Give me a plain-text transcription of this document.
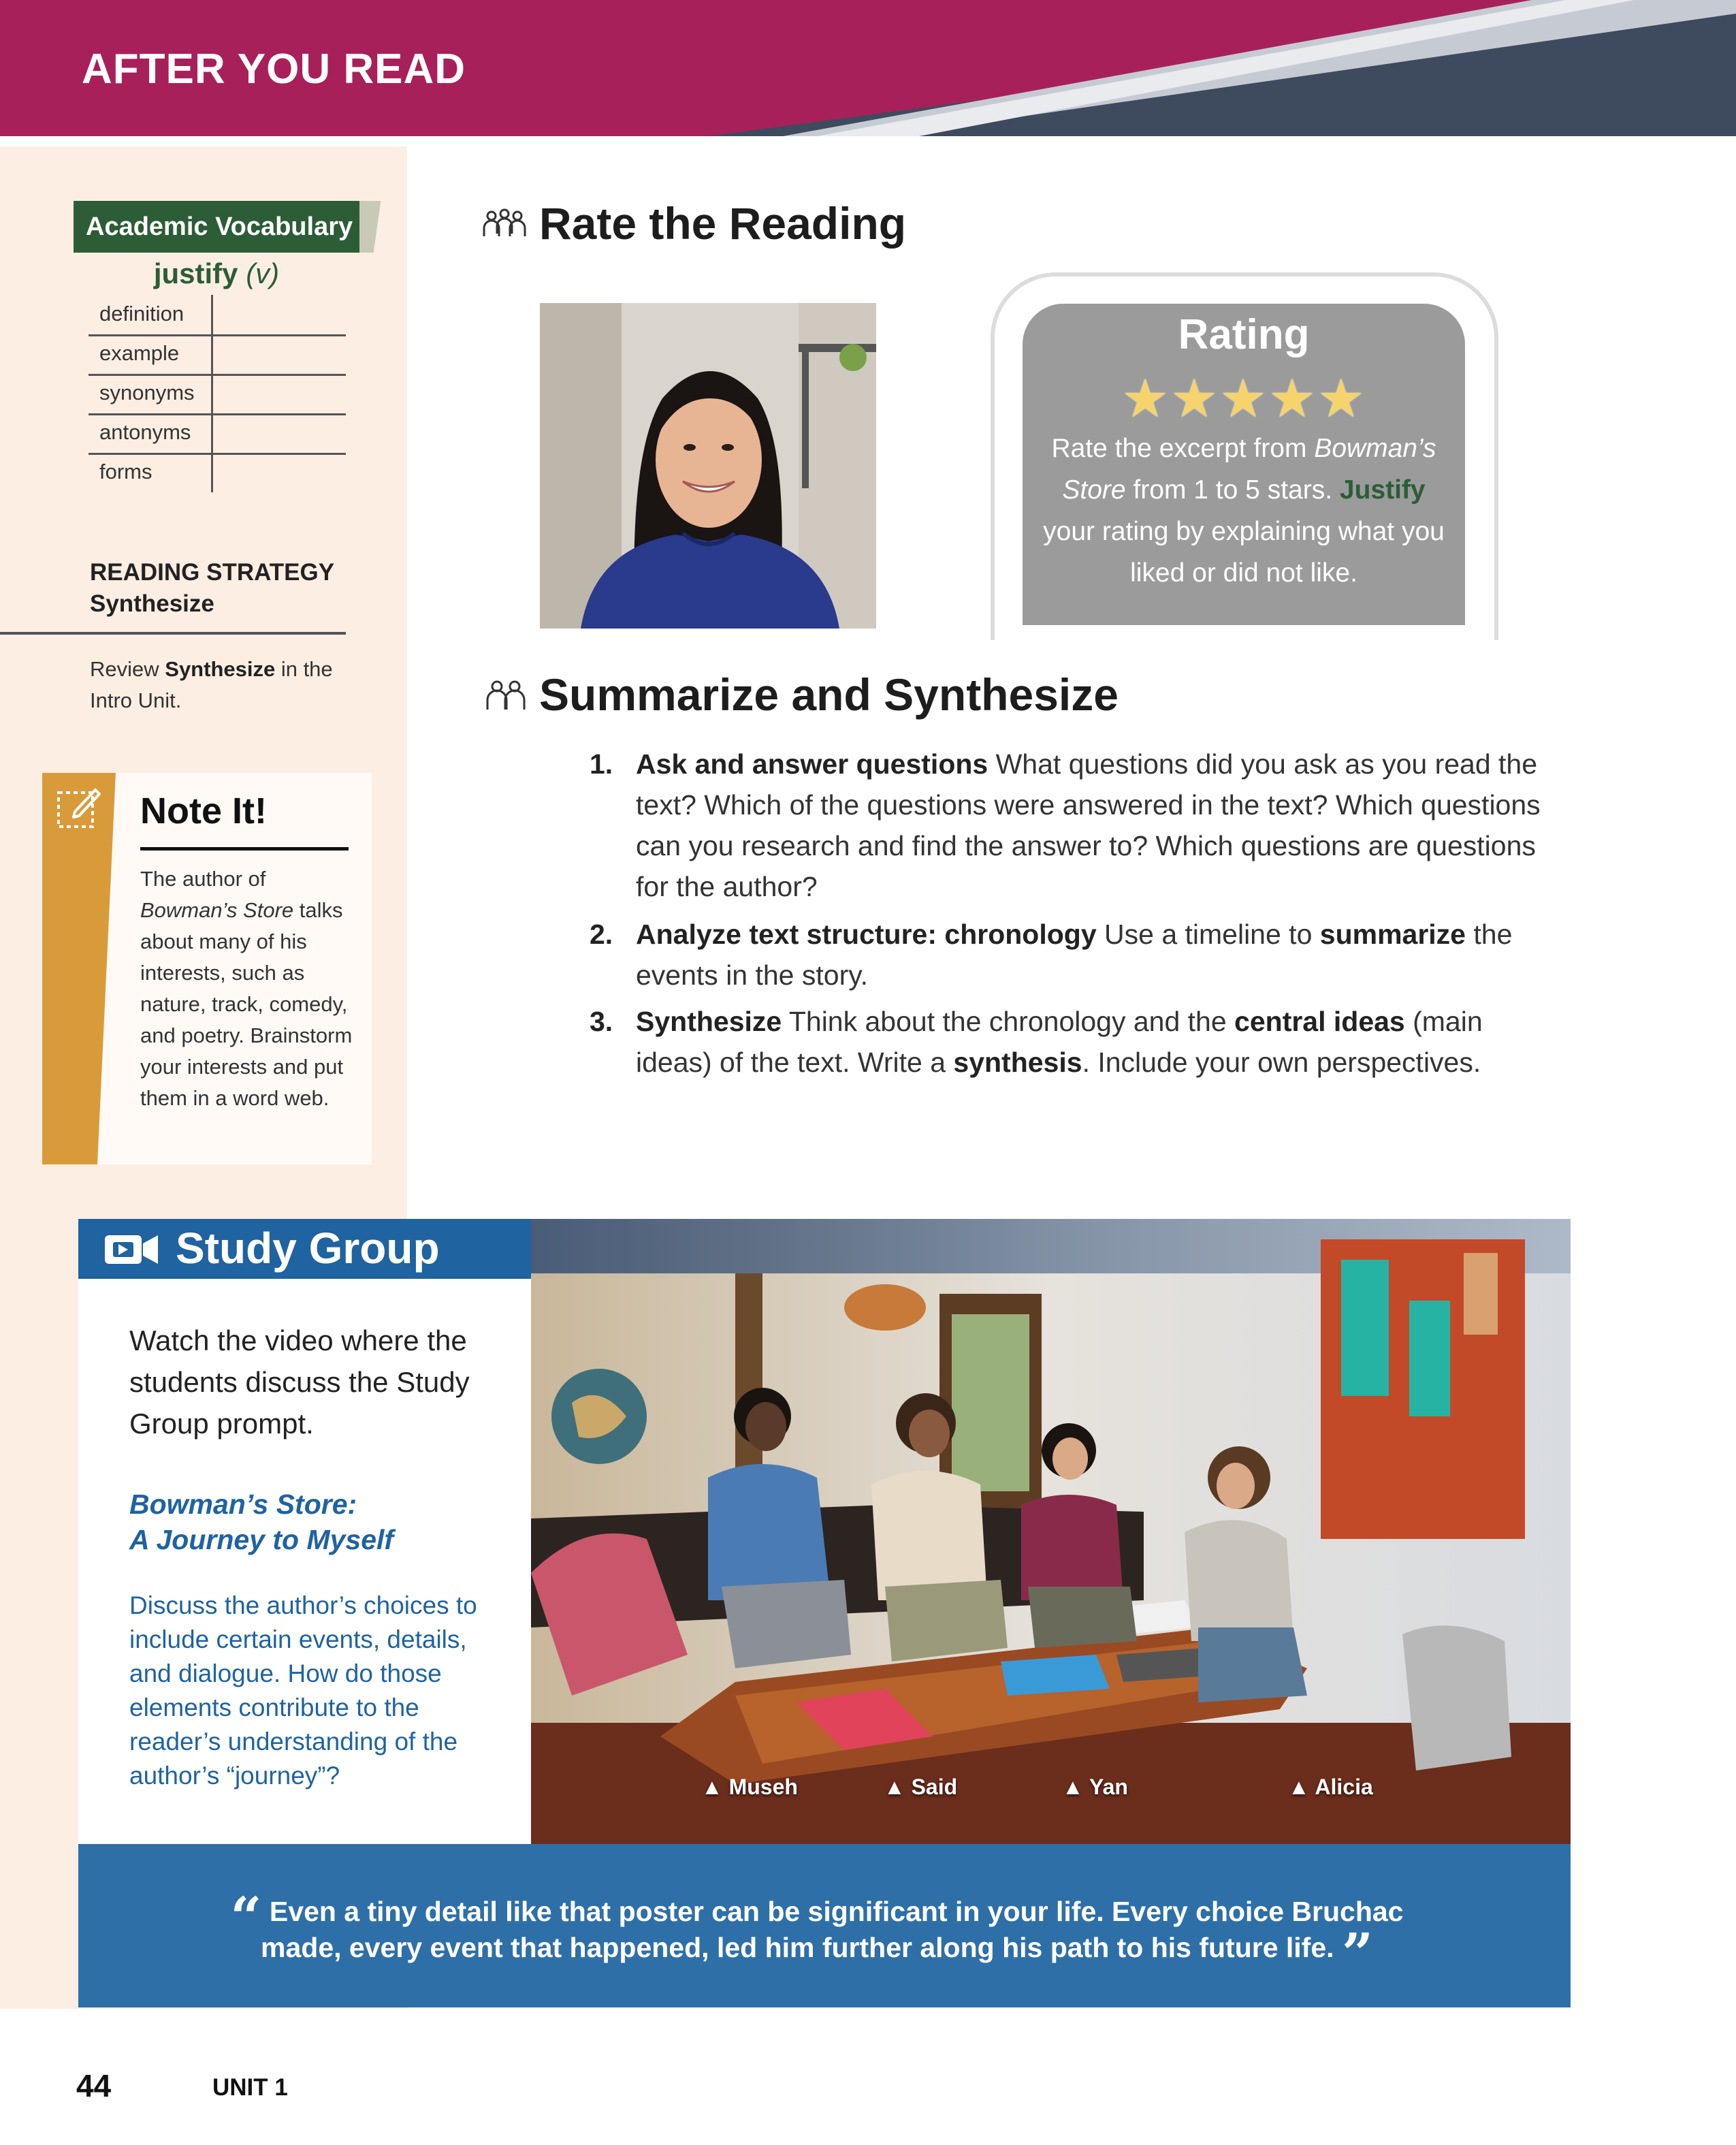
AFTER YOU READ
Academic Vocabulary
justify (v)
definition
example
synonyms
antonyms
forms
READING STRATEGY
Synthesize
Review Synthesize in the Intro Unit.
Note It!
The author of Bowman’s Store talks about many of his interests, such as nature, track, comedy, and poetry. Brainstorm your interests and put them in a word web.
Rate the Reading
Rating
★★★★★
Rate the excerpt from Bowman’s Store from 1 to 5 stars. Justify your rating by explaining what you liked or did not like.
Summarize and Synthesize
1. Ask and answer questions What questions did you ask as you read the text? Which of the questions were answered in the text? Which questions can you research and find the answer to? Which questions are questions for the author?
2. Analyze text structure: chronology Use a timeline to summarize the events in the story.
3. Synthesize Think about the chronology and the central ideas (main ideas) of the text. Write a synthesis. Include your own perspectives.
Study Group
Watch the video where the students discuss the Study Group prompt.
Bowman’s Store:
A Journey to Myself
Discuss the author’s choices to include certain events, details, and dialogue. How do those elements contribute to the reader’s understanding of the author’s “journey”?	▲ Museh	▲ Said	▲ Yan	▲ Alicia
“ Even a tiny detail like that poster can be significant in your life. Every choice Bruchac
made, every event that happened, led him further along his path to his future life. ”
44	UNIT 1
